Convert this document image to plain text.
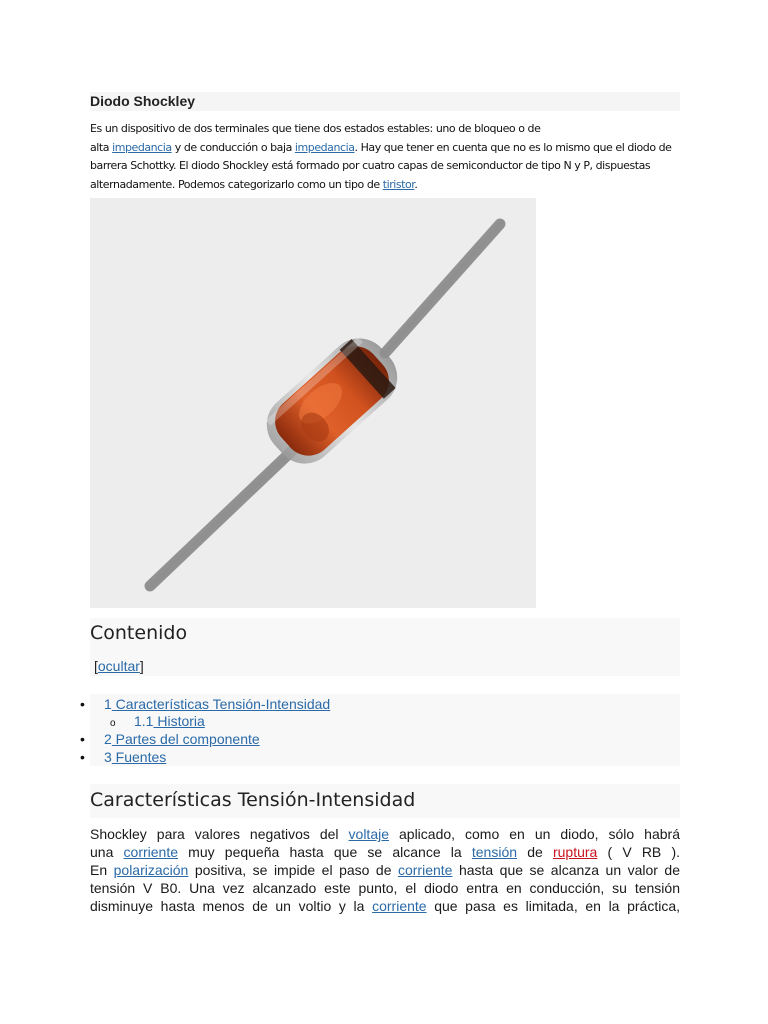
Diodo Shockley

Es un dispositivo de dos terminales que tiene dos estados estables: uno de bloqueo o de
alta impedancia y de conducción o baja impedancia. Hay que tener en cuenta que no es lo mismo que el diodo de barrera Schottky. El diodo Shockley está formado por cuatro capas de semiconductor de tipo N y P, dispuestas alternadamente. Podemos categorizarlo como un tipo de tiristor.

Contenido
[ocultar]
• 1 Características Tensión-Intensidad
o 1.1 Historia
• 2 Partes del componente
• 3 Fuentes
Características Tensión-Intensidad
Shockley para valores negativos del voltaje aplicado, como en un diodo, sólo habrá
una corriente muy pequeña hasta que se alcance la tensión de ruptura ( V RB ).
En polarización positiva, se impide el paso de corriente hasta que se alcanza un valor de
tensión V B0. Una vez alcanzado este punto, el diodo entra en conducción, su tensión
disminuye hasta menos de un voltio y la corriente que pasa es limitada, en la práctica,
